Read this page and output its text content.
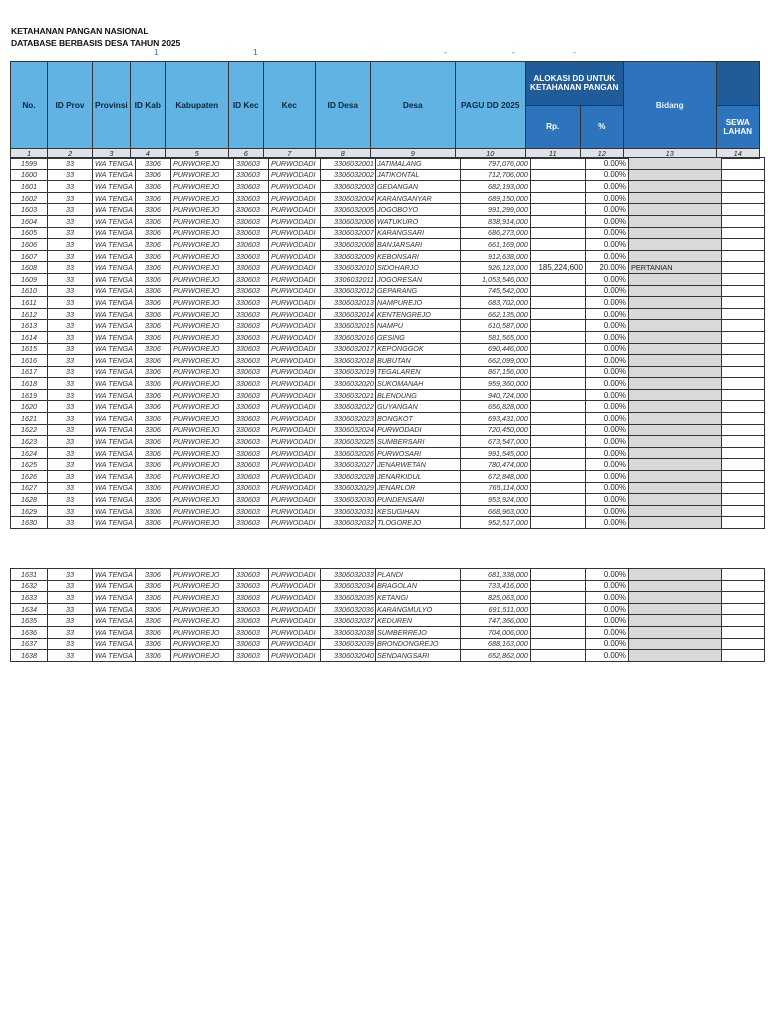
KETAHANAN PANGAN NASIONAL
DATABASE BERBASIS DESA TAHUN 2025
1	1	-	-	-
No.	ID Prov	Provinsi	ID Kab	Kabupaten	ID Kec	Kec	ID Desa	Desa	PAGU DD 2025	ALOKASI DD UNTUK KETAHANAN PANGAN		Bidang	
										Rp.	%		SEWA LAHAN
1	2	3	4	5	6	7	8	9	10	11	12	13	14
1599	33	WA TENGA	3306	PURWOREJO	330603	PURWODADI	3306032001	JATIMALANG	797,076,000		0.00%		
1600	33	WA TENGA	3306	PURWOREJO	330603	PURWODADI	3306032002	JATIKONTAL	712,706,000		0.00%		
1601	33	WA TENGA	3306	PURWOREJO	330603	PURWODADI	3306032003	GEDANGAN	682,193,000		0.00%		
1602	33	WA TENGA	3306	PURWOREJO	330603	PURWODADI	3306032004	KARANGANYAR	689,150,000		0.00%		
1603	33	WA TENGA	3306	PURWOREJO	330603	PURWODADI	3306032005	JOGOBOYO	991,299,000		0.00%		
1604	33	WA TENGA	3306	PURWOREJO	330603	PURWODADI	3306032006	WATUKURO	838,914,000		0.00%		
1605	33	WA TENGA	3306	PURWOREJO	330603	PURWODADI	3306032007	KARANGSARI	686,273,000		0.00%		
1606	33	WA TENGA	3306	PURWOREJO	330603	PURWODADI	3306032008	BANJARSARI	661,169,000		0.00%		
1607	33	WA TENGA	3306	PURWOREJO	330603	PURWODADI	3306032009	KEBONSARI	912,638,000		0.00%		
1608	33	WA TENGA	3306	PURWOREJO	330603	PURWODADI	3306032010	SIDOHARJO	926,123,000	185,224,600	20.00%	PERTANIAN	
1609	33	WA TENGA	3306	PURWOREJO	330603	PURWODADI	3306032011	JOGORESAN	1,053,546,000		0.00%		
1610	33	WA TENGA	3306	PURWOREJO	330603	PURWODADI	3306032012	GEPARANG	745,542,000		0.00%		
1611	33	WA TENGA	3306	PURWOREJO	330603	PURWODADI	3306032013	NAMPUREJO	683,702,000		0.00%		
1612	33	WA TENGA	3306	PURWOREJO	330603	PURWODADI	3306032014	KENTENGREJO	662,135,000		0.00%		
1613	33	WA TENGA	3306	PURWOREJO	330603	PURWODADI	3306032015	NAMPU	610,587,000		0.00%		
1614	33	WA TENGA	3306	PURWOREJO	330603	PURWODADI	3306032016	GESING	581,565,000		0.00%		
1615	33	WA TENGA	3306	PURWOREJO	330603	PURWODADI	3306032017	KEPONGGOK	690,446,000		0.00%		
1616	33	WA TENGA	3306	PURWOREJO	330603	PURWODADI	3306032018	BUBUTAN	662,099,000		0.00%		
1617	33	WA TENGA	3306	PURWOREJO	330603	PURWODADI	3306032019	TEGALAREN	867,156,000		0.00%		
1618	33	WA TENGA	3306	PURWOREJO	330603	PURWODADI	3306032020	SUKOMANAH	959,360,000		0.00%		
1619	33	WA TENGA	3306	PURWOREJO	330603	PURWODADI	3306032021	BLENDUNG	940,724,000		0.00%		
1620	33	WA TENGA	3306	PURWOREJO	330603	PURWODADI	3306032022	GUYANGAN	656,828,000		0.00%		
1621	33	WA TENGA	3306	PURWOREJO	330603	PURWODADI	3306032023	BONGKOT	693,431,000		0.00%		
1622	33	WA TENGA	3306	PURWOREJO	330603	PURWODADI	3306032024	PURWODADI	720,450,000		0.00%		
1623	33	WA TENGA	3306	PURWOREJO	330603	PURWODADI	3306032025	SUMBERSARI	673,547,000		0.00%		
1624	33	WA TENGA	3306	PURWOREJO	330603	PURWODADI	3306032026	PURWOSARI	991,545,000		0.00%		
1625	33	WA TENGA	3306	PURWOREJO	330603	PURWODADI	3306032027	JENARWETAN	780,474,000		0.00%		
1626	33	WA TENGA	3306	PURWOREJO	330603	PURWODADI	3306032028	JENARKIDUL	672,848,000		0.00%		
1627	33	WA TENGA	3306	PURWOREJO	330603	PURWODADI	3306032029	JENARLOR	765,114,000		0.00%		
1628	33	WA TENGA	3306	PURWOREJO	330603	PURWODADI	3306032030	PUNDENSARI	953,924,000		0.00%		
1629	33	WA TENGA	3306	PURWOREJO	330603	PURWODADI	3306032031	KESUGIHAN	668,963,000		0.00%		
1630	33	WA TENGA	3306	PURWOREJO	330603	PURWODADI	3306032032	TLOGOREJO	952,517,000		0.00%		
1631	33	WA TENGA	3306	PURWOREJO	330603	PURWODADI	3306032033	PLANDI	681,338,000		0.00%		
1632	33	WA TENGA	3306	PURWOREJO	330603	PURWODADI	3306032034	BRAGOLAN	733,416,000		0.00%		
1633	33	WA TENGA	3306	PURWOREJO	330603	PURWODADI	3306032035	KETANGI	825,063,000		0.00%		
1634	33	WA TENGA	3306	PURWOREJO	330603	PURWODADI	3306032036	KARANGMULYO	691,511,000		0.00%		
1635	33	WA TENGA	3306	PURWOREJO	330603	PURWODADI	3306032037	KEDUREN	747,366,000		0.00%		
1636	33	WA TENGA	3306	PURWOREJO	330603	PURWODADI	3306032038	SUMBERREJO	704,006,000		0.00%		
1637	33	WA TENGA	3306	PURWOREJO	330603	PURWODADI	3306032039	BRONDONGREJO	688,163,000		0.00%		
1638	33	WA TENGA	3306	PURWOREJO	330603	PURWODADI	3306032040	SENDANGSARI	652,862,000		0.00%		
